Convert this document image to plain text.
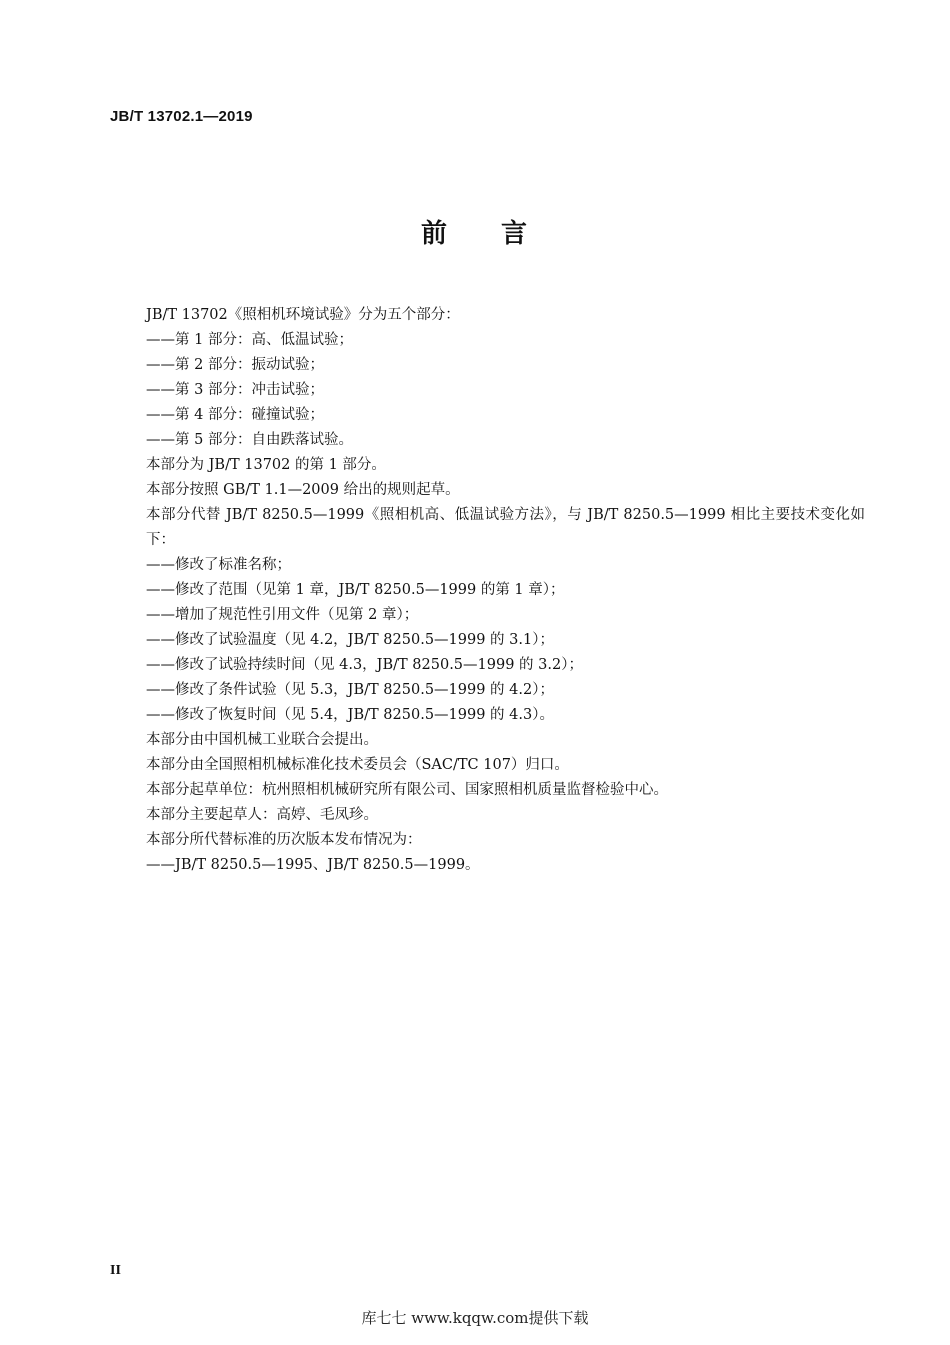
JB/T 13702.1—2019
前 言

JB/T 13702《照相机环境试验》分为五个部分：

——第 1 部分：高、低温试验；

——第 2 部分：振动试验；

——第 3 部分：冲击试验；

——第 4 部分：碰撞试验；

——第 5 部分：自由跌落试验。

本部分为 JB/T 13702 的第 1 部分。

本部分按照 GB/T 1.1—2009 给出的规则起草。

本部分代替 JB/T 8250.5—1999《照相机高、低温试验方法》，与 JB/T 8250.5—1999 相比主要技术变化如下：

——修改了标准名称；

——修改了范围（见第 1 章，JB/T 8250.5—1999 的第 1 章）；

——增加了规范性引用文件（见第 2 章）；

——修改了试验温度（见 4.2，JB/T 8250.5—1999 的 3.1）；

——修改了试验持续时间（见 4.3，JB/T 8250.5—1999 的 3.2）；

——修改了条件试验（见 5.3，JB/T 8250.5—1999 的 4.2）；

——修改了恢复时间（见 5.4，JB/T 8250.5—1999 的 4.3）。

本部分由中国机械工业联合会提出。

本部分由全国照相机械标准化技术委员会（SAC/TC 107）归口。

本部分起草单位：杭州照相机械研究所有限公司、国家照相机质量监督检验中心。

本部分主要起草人：高婷、毛凤珍。

本部分所代替标准的历次版本发布情况为：

——JB/T 8250.5—1995、JB/T 8250.5—1999。

II
库七七 www.kqqw.com提供下载
